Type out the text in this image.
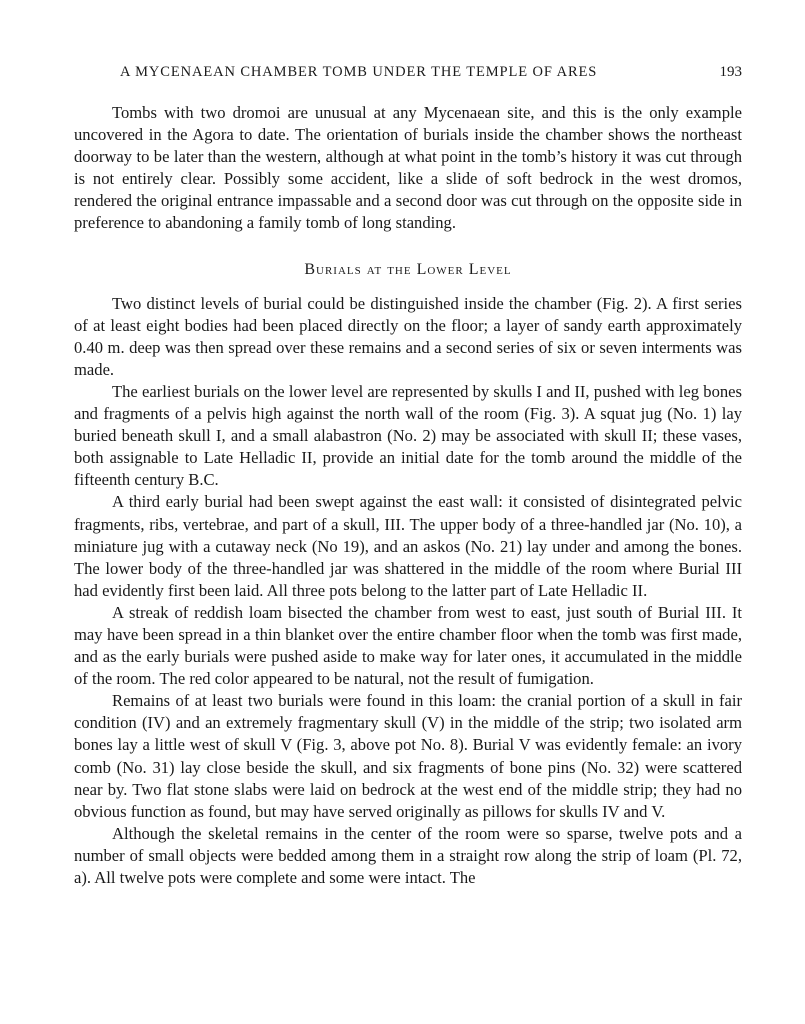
A MYCENAEAN CHAMBER TOMB UNDER THE TEMPLE OF ARES	193

Tombs with two dromoi are unusual at any Mycenaean site, and this is the only example uncovered in the Agora to date. The orientation of burials inside the chamber shows the northeast doorway to be later than the western, although at what point in the tomb’s history it was cut through is not entirely clear. Possibly some accident, like a slide of soft bedrock in the west dromos, rendered the original entrance impassable and a second door was cut through on the opposite side in preference to abandoning a family tomb of long standing.

Burials at the Lower Level

Two distinct levels of burial could be distinguished inside the chamber (Fig. 2). A first series of at least eight bodies had been placed directly on the floor; a layer of sandy earth approximately 0.40 m. deep was then spread over these remains and a second series of six or seven interments was made.

The earliest burials on the lower level are represented by skulls I and II, pushed with leg bones and fragments of a pelvis high against the north wall of the room (Fig. 3). A squat jug (No. 1) lay buried beneath skull I, and a small alabastron (No. 2) may be associated with skull II; these vases, both assignable to Late Helladic II, provide an initial date for the tomb around the middle of the fifteenth century B.C.

A third early burial had been swept against the east wall: it consisted of disintegrated pelvic fragments, ribs, vertebrae, and part of a skull, III. The upper body of a three-handled jar (No. 10), a miniature jug with a cutaway neck (No 19), and an askos (No. 21) lay under and among the bones. The lower body of the three-handled jar was shattered in the middle of the room where Burial III had evidently first been laid. All three pots belong to the latter part of Late Helladic II.

A streak of reddish loam bisected the chamber from west to east, just south of Burial III. It may have been spread in a thin blanket over the entire chamber floor when the tomb was first made, and as the early burials were pushed aside to make way for later ones, it accumulated in the middle of the room. The red color appeared to be natural, not the result of fumigation.

Remains of at least two burials were found in this loam: the cranial portion of a skull in fair condition (IV) and an extremely fragmentary skull (V) in the middle of the strip; two isolated arm bones lay a little west of skull V (Fig. 3, above pot No. 8). Burial V was evidently female: an ivory comb (No. 31) lay close beside the skull, and six fragments of bone pins (No. 32) were scattered near by. Two flat stone slabs were laid on bedrock at the west end of the middle strip; they had no obvious function as found, but may have served originally as pillows for skulls IV and V.

Although the skeletal remains in the center of the room were so sparse, twelve pots and a number of small objects were bedded among them in a straight row along the strip of loam (Pl. 72, a). All twelve pots were complete and some were intact. The
